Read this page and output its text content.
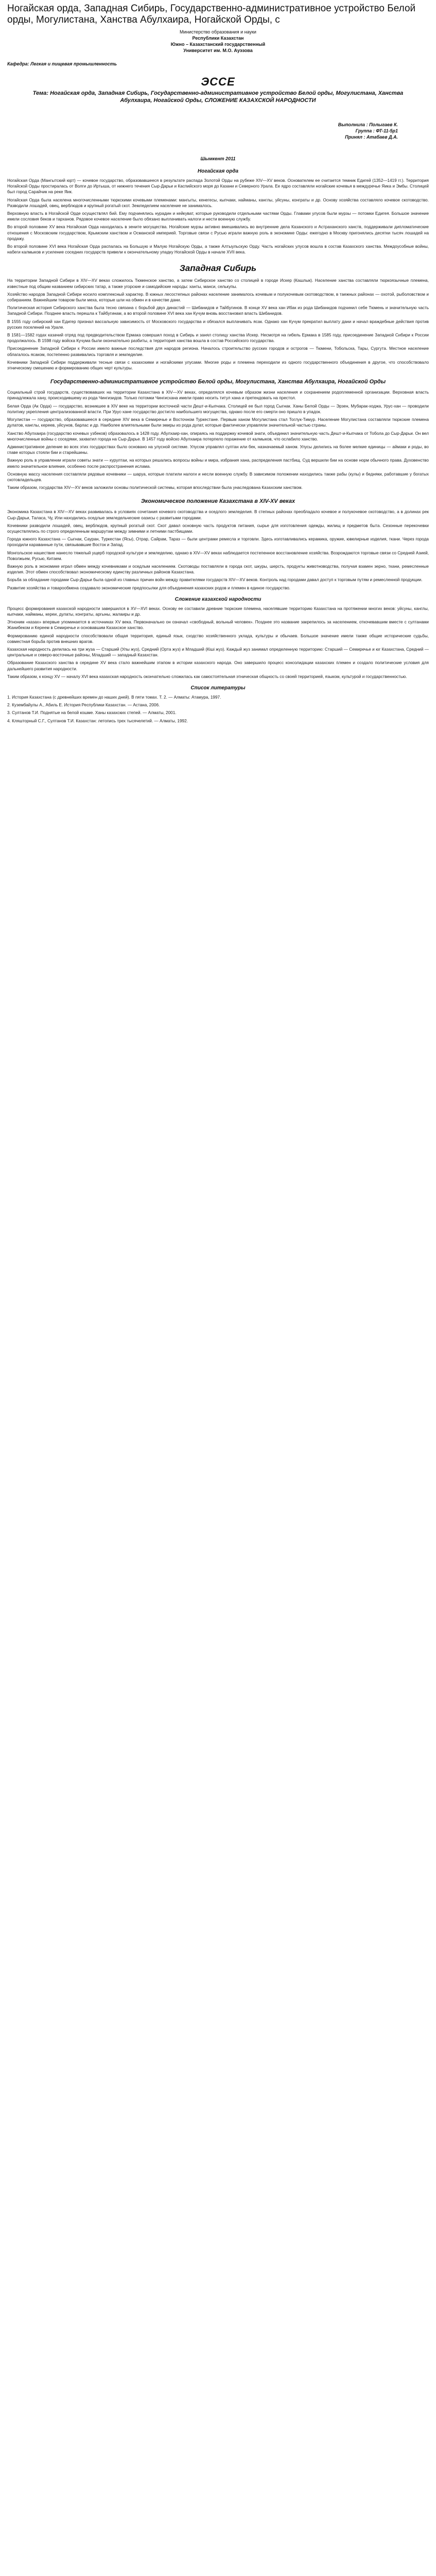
Ногайская орда, Западная Сибирь, Государственно-административное устройство Белой орды, Могулистана, Ханства Абулхаира, Ногайской Орды, с
Министерство образования и науки
Республики Казахстан
Южно – Казахстанский государственный
Университет им. М.О. Ауэзова
Кафедра: Легкая и пищевая промышленность
ЭССЕ
Тема: Ногайская орда, Западная Сибирь, Государственно-административное устройство Белой орды, Могулистана, Ханства Абулхаира, Ногайской Орды, СЛОЖЕНИЕ КАЗАХСКОЙ НАРОДНОСТИ
Выполнила : Полыгаев К.
Группа : ФТ-11-5р1
Принял : Атабаев Д.А.
Шымкент 2011
Ногайская орда

Ногайская Орда (Мангытский юрт) — кочевое государство, образовавшееся в результате распада Золотой Орды на рубеже XIV—XV веков. Основателем ее считается темник Едигей (1352—1419 гг.). Территория Ногайской Орды простиралась от Волги до Иртыша, от нижнего течения Сыр-Дарьи и Каспийского моря до Казани и Северного Урала. Ее ядро составляли ногайские кочевья в междуречье Яика и Эмбы. Столицей был город Сарайчик на реке Яик.

Ногайская Орда была населена многочисленными тюркскими кочевыми племенами: мангыты, кенегесы, кыпчаки, найманы, канглы, уйсуны, конграты и др. Основу хозяйства составляло кочевое скотоводство. Разводили лошадей, овец, верблюдов и крупный рогатый скот. Земледелием население не занималось.

Верховную власть в Ногайской Орде осуществлял бий. Ему подчинялись нурадин и кейкуват, которые руководили отдельными частями Орды. Главами улусов были мурзы — потомки Едигея. Большое значение имели сословия беков и тарханов. Рядовое кочевое население было обязано выплачивать налоги и нести военную службу.

Во второй половине XV века Ногайская Орда находилась в зените могущества. Ногайские мурзы активно вмешивались во внутренние дела Казанского и Астраханского ханств, поддерживали дипломатические отношения с Московским государством, Крымским ханством и Османской империей. Торговые связи с Русью играли важную роль в экономике Орды: ежегодно в Москву пригонялись десятки тысяч лошадей на продажу.

Во второй половине XVI века Ногайская Орда распалась на Большую и Малую Ногайскую Орды, а также Алтыульскую Орду. Часть ногайских улусов вошла в состав Казахского ханства. Междоусобные войны, набеги калмыков и усиление соседних государств привели к окончательному упадку Ногайской Орды в начале XVII века.

Западная Сибирь

На территории Западной Сибири в XIV—XV веках сложилось Тюменское ханство, а затем Сибирское ханство со столицей в городе Искер (Кашлык). Население ханства составляли тюркоязычные племена, известные под общим названием сибирских татар, а также угорские и самодийские народы: ханты, манси, селькупы.

Хозяйство народов Западной Сибири носило комплексный характер. В южных лесостепных районах население занималось кочевым и полукочевым скотоводством, в таежных районах — охотой, рыболовством и собиранием. Важнейшим товаром были меха, которые шли на обмен и в качестве дани.

Политическая история Сибирского ханства была тесно связана с борьбой двух династий — Шибанидов и Тайбугинов. В конце XV века хан Ибак из рода Шибанидов подчинил себе Тюмень и значительную часть Западной Сибири. Позднее власть перешла к Тайбугинам, а во второй половине XVI века хан Кучум вновь восстановил власть Шибанидов.

В 1555 году сибирский хан Едигер признал вассальную зависимость от Московского государства и обязался выплачивать ясак. Однако хан Кучум прекратил выплату дани и начал враждебные действия против русских поселений на Урале.

В 1581—1582 годах казачий отряд под предводительством Ермака совершил поход в Сибирь и занял столицу ханства Искер. Несмотря на гибель Ермака в 1585 году, присоединение Западной Сибири к России продолжалось. В 1598 году войска Кучума были окончательно разбиты, а территория ханства вошла в состав Российского государства.

Присоединение Западной Сибири к России имело важные последствия для народов региона. Началось строительство русских городов и острогов — Тюмени, Тобольска, Тары, Сургута. Местное население облагалось ясаком, постепенно развивались торговля и земледелие.

Кочевники Западной Сибири поддерживали тесные связи с казахскими и ногайскими улусами. Многие роды и племена переходили из одного государственного объединения в другое, что способствовало этническому смешению и формированию общих черт культуры.

Государственно-административное устройство Белой орды, Могулистана, Ханства Абулхаира, Ногайской Орды

Социальный строй государств, существовавших на территории Казахстана в XIV—XV веках, определялся кочевым образом жизни населения и сохранением родоплеменной организации. Верховная власть принадлежала хану, происходившему из рода Чингизидов. Только потомки Чингисхана имели право носить титул хана и претендовать на престол.

Белая Орда (Ак Орда) — государство, возникшее в XIV веке на территории восточной части Дешт-и-Кыпчака. Столицей ее был город Сыгнак. Ханы Белой Орды — Эрзен, Мубарак-ходжа, Урус-хан — проводили политику укрепления централизованной власти. При Урус-хане государство достигло наибольшего могущества, однако после его смерти оно пришло в упадок.

Могулистан — государство, образовавшееся в середине XIV века в Семиречье и Восточном Туркестане. Первым ханом Могулистана стал Тоглук-Тимур. Население Могулистана составляли тюркские племена дулатов, канглы, кереев, уйсунов, барлас и др. Наиболее влиятельными были эмиры из рода дулат, которые фактически управляли значительной частью страны.

Ханство Абулхаира (государство кочевых узбеков) образовалось в 1428 году. Абулхаир-хан, опираясь на поддержку кочевой знати, объединил значительную часть Дешт-и-Кыпчака от Тобола до Сыр-Дарьи. Он вел многочисленные войны с соседями, захватил города на Сыр-Дарье. В 1457 году войско Абулхаира потерпело поражение от калмыков, что ослабило ханство.

Административное деление во всех этих государствах было основано на улусной системе. Улусом управлял султан или бек, назначаемый ханом. Улусы делились на более мелкие единицы — аймаки и роды, во главе которых стояли бии и старейшины.

Важную роль в управлении играли советы знати — курултаи, на которых решались вопросы войны и мира, избрания хана, распределения пастбищ. Суд вершили бии на основе норм обычного права. Духовенство имело значительное влияние, особенно после распространения ислама.

Основную массу населения составляли рядовые кочевники — шаруа, которые платили налоги и несли военную службу. В зависимом положении находились также рабы (кулы) и бедняки, работавшие у богатых скотовладельцев.

Таким образом, государства XIV—XV веков заложили основы политической системы, которая впоследствии была унаследована Казахским ханством.

Экономическое положение Казахстана в XIV-XV веках

Экономика Казахстана в XIV—XV веках развивалась в условиях сочетания кочевого скотоводства и оседлого земледелия. В степных районах преобладало кочевое и полукочевое скотоводство, а в долинах рек Сыр-Дарьи, Таласа, Чу, Или находились оседлые земледельческие оазисы с развитыми городами.

Кочевники разводили лошадей, овец, верблюдов, крупный рогатый скот. Скот давал основную часть продуктов питания, сырье для изготовления одежды, жилищ и предметов быта. Сезонные перекочевки осуществлялись по строго определенным маршрутам между зимними и летними пастбищами.

Города южного Казахстана — Сыгнак, Сауран, Туркестан (Ясы), Отрар, Сайрам, Тараз — были центрами ремесла и торговли. Здесь изготавливались керамика, оружие, ювелирные изделия, ткани. Через города проходили караванные пути, связывавшие Восток и Запад.

Монгольское нашествие нанесло тяжелый ущерб городской культуре и земледелию, однако в XIV—XV веках наблюдается постепенное восстановление хозяйства. Возрождаются торговые связи со Средней Азией, Поволжьем, Русью, Китаем.

Важную роль в экономике играл обмен между кочевниками и оседлым населением. Скотоводы поставляли в города скот, шкуры, шерсть, продукты животноводства, получая взамен зерно, ткани, ремесленные изделия. Этот обмен способствовал экономическому единству различных районов Казахстана.

Борьба за обладание городами Сыр-Дарьи была одной из главных причин войн между правителями государств XIV—XV веков. Контроль над городами давал доступ к торговым путям и ремесленной продукции.

Развитие хозяйства и товарообмена создавало экономические предпосылки для объединения казахских родов и племен в единое государство.

Сложение казахской народности

Процесс формирования казахской народности завершился в XV—XVI веках. Основу ее составили древние тюркские племена, населявшие территорию Казахстана на протяжении многих веков: уйсуны, канглы, кыпчаки, найманы, кереи, дулаты, конграты, аргыны, жалаиры и др.

Этноним «казах» впервые упоминается в источниках XV века. Первоначально он означал «свободный, вольный человек». Позднее это название закрепилось за населением, откочевавшим вместе с султанами Жанибеком и Кереем в Семиречье и основавшим Казахское ханство.

Формированию единой народности способствовали общая территория, единый язык, сходство хозяйственного уклада, культуры и обычаев. Большое значение имели также общие исторические судьбы, совместная борьба против внешних врагов.

Казахская народность делилась на три жуза — Старший (Улы жуз), Средний (Орта жуз) и Младший (Кіші жуз). Каждый жуз занимал определенную территорию: Старший — Семиречье и юг Казахстана, Средний — центральные и северо-восточные районы, Младший — западный Казахстан.

Образование Казахского ханства в середине XV века стало важнейшим этапом в истории казахского народа. Оно завершило процесс консолидации казахских племен и создало политические условия для дальнейшего развития народности.

Таким образом, к концу XV — началу XVI века казахская народность окончательно сложилась как самостоятельная этническая общность со своей территорией, языком, культурой и государственностью.

Список литературы

1. История Казахстана (с древнейших времен до наших дней). В пяти томах. Т. 2. — Алматы: Атамура, 1997.

2. Кузембайулы А., Абиль Е. История Республики Казахстан. — Астана, 2006.

3. Султанов Т.И. Поднятые на белой кошме. Ханы казахских степей. — Алматы, 2001.

4. Кляшторный С.Г., Султанов Т.И. Казахстан: летопись трех тысячелетий. — Алматы, 1992.
